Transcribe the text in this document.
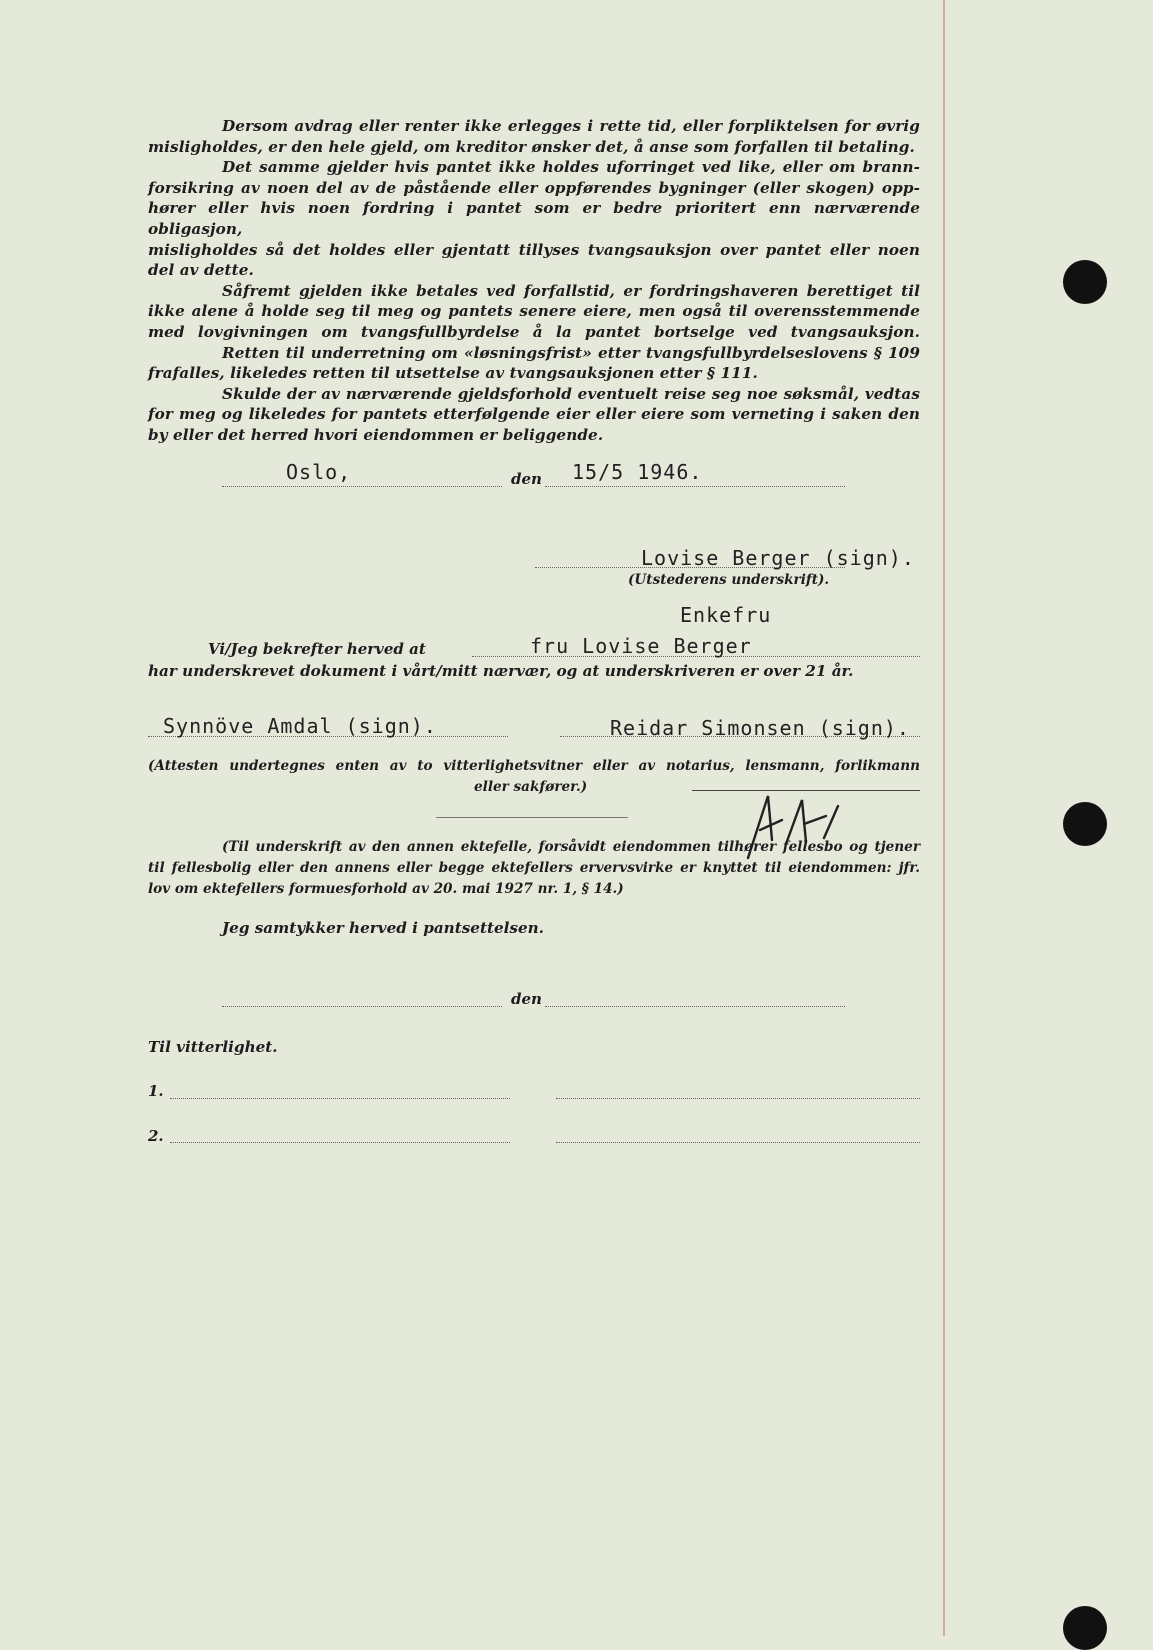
Dersom avdrag eller renter ikke erlegges i rette tid, eller forpliktelsen for øvrig

misligholdes, er den hele gjeld, om kreditor ønsker det, å anse som forfallen til betaling.

Det samme gjelder hvis pantet ikke holdes uforringet ved like, eller om brann-

forsikring av noen del av de påstående eller oppførendes bygninger (eller skogen) opp-

hører eller hvis noen fordring i pantet som er bedre prioritert enn nærværende obligasjon,

misligholdes så det holdes eller gjentatt tillyses tvangsauksjon over pantet eller noen

del av dette.

Såfremt gjelden ikke betales ved forfallstid, er fordringshaveren berettiget til

ikke alene å holde seg til meg og pantets senere eiere, men også til overensstemmende

med lovgivningen om tvangsfullbyrdelse å la pantet bortselge ved tvangsauksjon.

Retten til underretning om «løsningsfrist» etter tvangsfullbyrdelseslovens § 109

frafalles, likeledes retten til utsettelse av tvangsauksjonen etter § 111.

Skulde der av nærværende gjeldsforhold eventuelt reise seg noe søksmål, vedtas

for meg og likeledes for pantets etterfølgende eier eller eiere som verneting i saken den

by eller det herred hvori eiendommen er beliggende.

Oslo,	den 15/5 1946.
Lovise Berger (sign).
(Utstederens underskrift).
Enkefru
Vi/Jeg bekrefter herved at	fru Lovise Berger
har underskrevet dokument i vårt/mitt nærvær, og at underskriveren er over 21 år.
Synnöve Amdal (sign).	Reidar Simonsen (sign).

(Attesten undertegnes enten av to vitterlighetsvitner eller av notarius, lensmann, forlikmann

eller sakfører.)

(Til underskrift av den annen ektefelle, forsåvidt eiendommen tilhører fellesbo og tjener

til fellesbolig eller den annens eller begge ektefellers ervervsvirke er knyttet til eiendommen: jfr.

lov om ektefellers formuesforhold av 20. mai 1927 nr. 1, § 14.)

Jeg samtykker herved i pantsettelsen.
den
Til vitterlighet.
1.
2.
